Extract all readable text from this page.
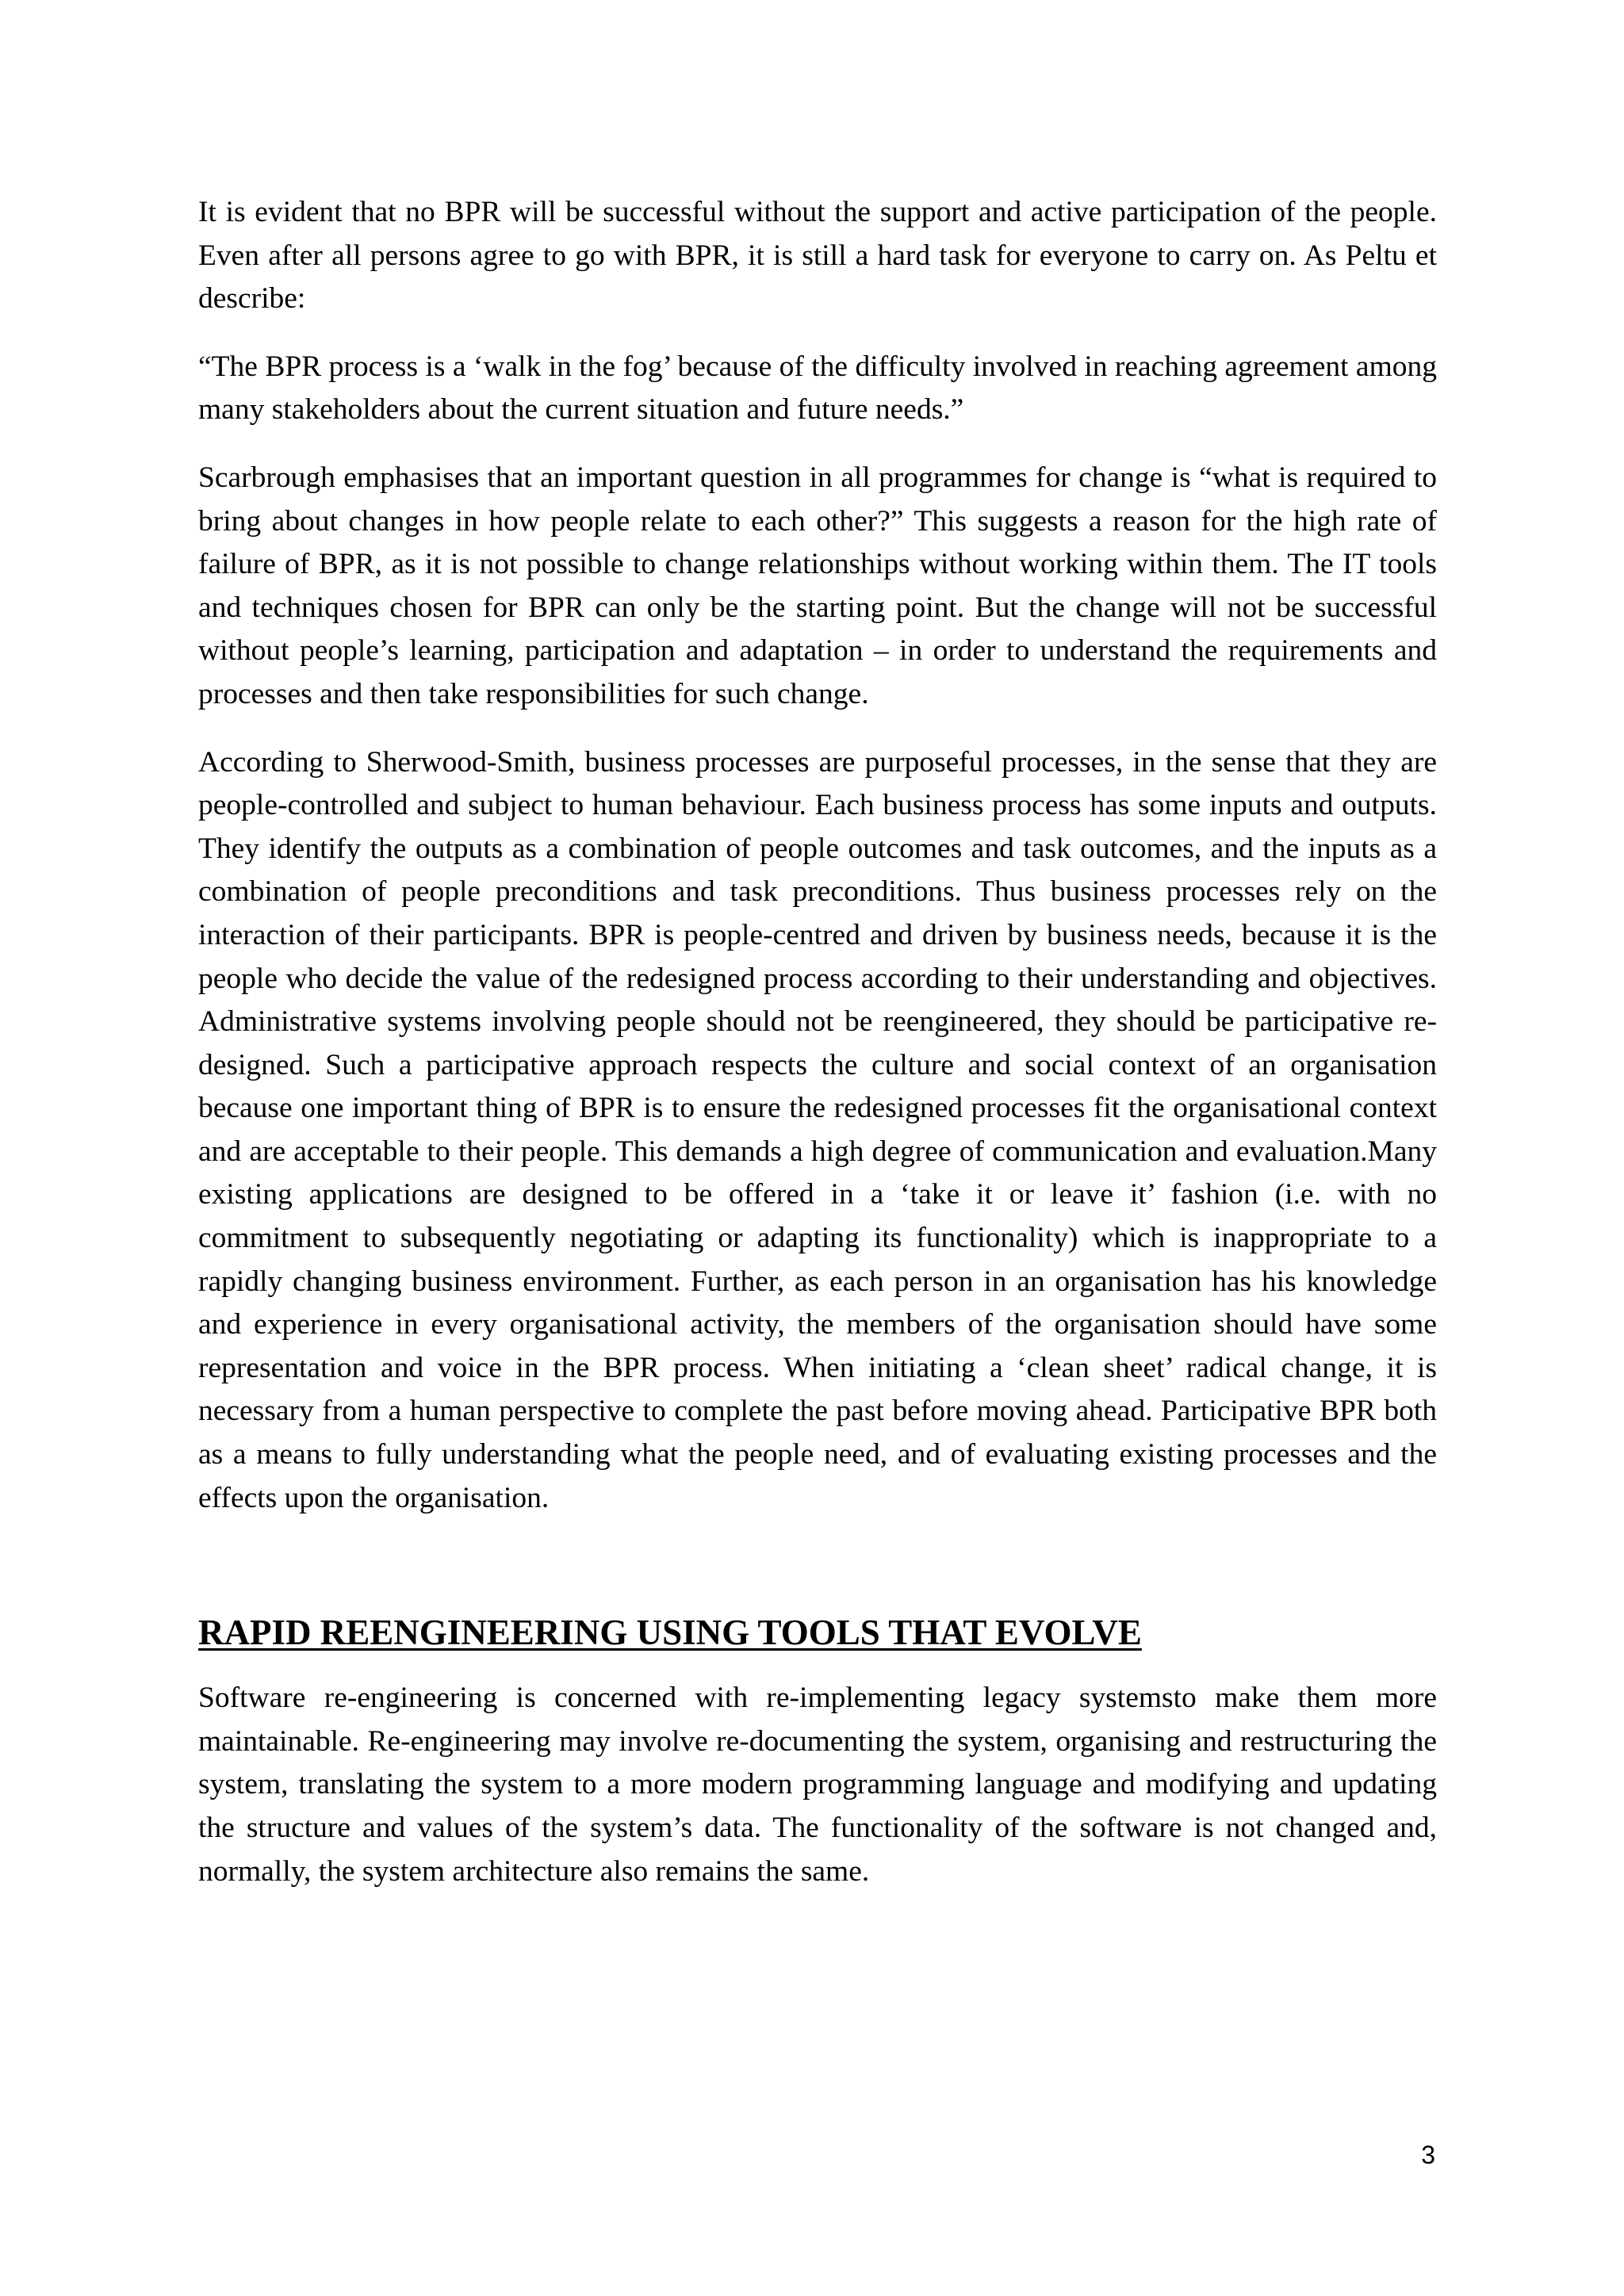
It is evident that no BPR will be successful without the support and active participation of the people. Even after all persons agree to go with BPR, it is still a hard task for everyone to carry on. As Peltu et describe:

“The BPR process is a ‘walk in the fog’ because of the difficulty involved in reaching agreement among many stakeholders about the current situation and future needs.”

Scarbrough emphasises that an important question in all programmes for change is “what is required to bring about changes in how people relate to each other?” This suggests a reason for the high rate of failure of BPR, as it is not possible to change relationships without working within them. The IT tools and techniques chosen for BPR can only be the starting point. But the change will not be successful without people’s learning, participation and adaptation – in order to understand the requirements and processes and then take responsibilities for such change.

According to Sherwood-Smith, business processes are purposeful processes, in the sense that they are people-controlled and subject to human behaviour. Each business process has some inputs and outputs. They identify the outputs as a combination of people outcomes and task outcomes, and the inputs as a combination of people preconditions and task preconditions. Thus business processes rely on the interaction of their participants. BPR is people-centred and driven by business needs, because it is the people who decide the value of the redesigned process according to their understanding and objectives. Administrative systems involving people should not be reengineered, they should be participative re-designed. Such a participative approach respects the culture and social context of an organisation because one important thing of BPR is to ensure the redesigned processes fit the organisational context and are acceptable to their people. This demands a high degree of communication and evaluation.Many existing applications are designed to be offered in a ‘take it or leave it’ fashion (i.e. with no commitment to subsequently negotiating or adapting its functionality) which is inappropriate to a rapidly changing business environment. Further, as each person in an organisation has his knowledge and experience in every organisational activity, the members of the organisation should have some representation and voice in the BPR process. When initiating a ‘clean sheet’ radical change, it is necessary from a human perspective to complete the past before moving ahead. Participative BPR both as a means to fully understanding what the people need, and of evaluating existing processes and the effects upon the organisation.

RAPID REENGINEERING USING TOOLS THAT EVOLVE

Software re-engineering is concerned with re-implementing legacy systemsto make them more maintainable. Re-engineering may involve re-documenting the system, organising and restructuring the system, translating the system to a more modern programming language and modifying and updating the structure and values of the system’s data. The functionality of the software is not changed and, normally, the system architecture also remains the same.

3
